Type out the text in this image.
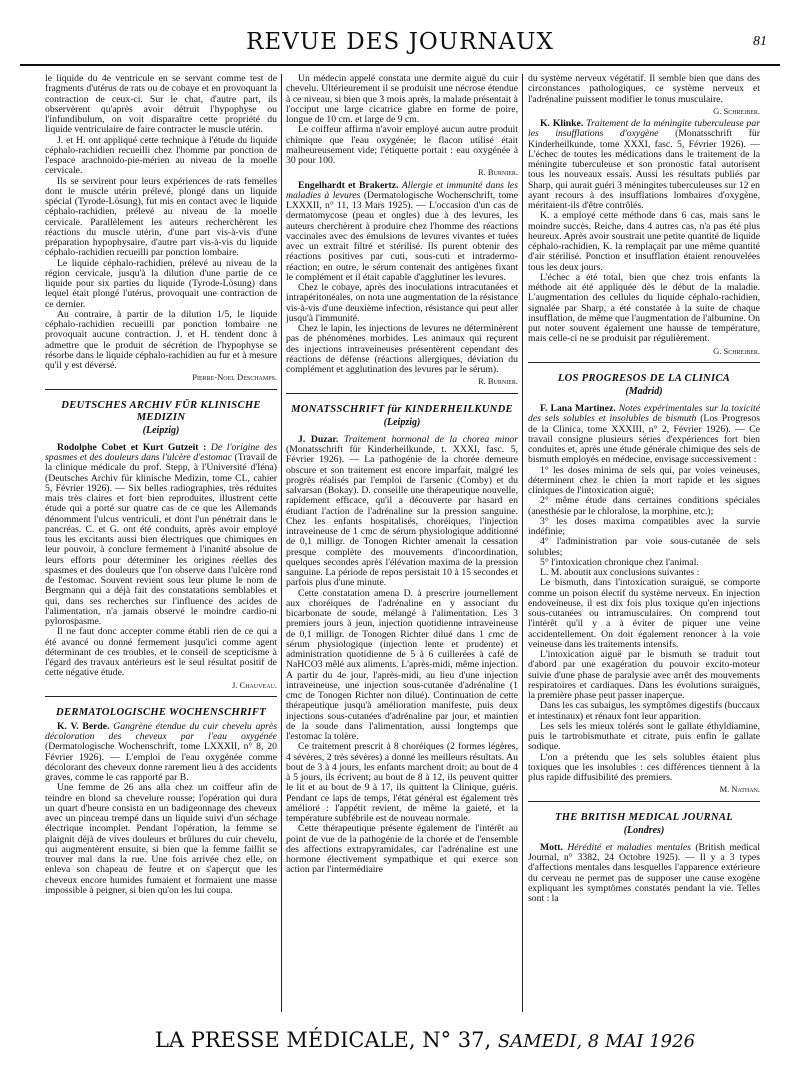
REVUE DES JOURNAUX	81

le liquide du 4e ventricule en se servant comme test de fragments d'utérus de rats ou de cobaye et en provoquant la contraction de ceux-ci. Sur le chat, d'autre part, ils observèrent qu'après avoir détruit l'hypophyse ou l'infundibulum, on voit disparaître cette propriété du liquide ventriculaire de faire contracter le muscle utérin.

J. et H. ont appliqué cette technique à l'étude du liquide céphalo-rachidien recueilli chez l'homme par ponction de l'espace arachnoïdo-pie-mérien au niveau de la moelle cervicale.

Ils se servirent pour leurs expériences de rats femelles dont le muscle utérin prélevé, plongé dans un liquide spécial (Tyrode-Lösung), fut mis en contact avec le liquide céphalo-rachidien, prélevé au niveau de la moelle cervicale. Parallèlement les auteurs recherchèrent les réactions du muscle utérin, d'une part vis-à-vis d'une préparation hypophysaire, d'autre part vis-à-vis du liquide céphalo-rachidien recueilli par ponction lombaire.

Le liquide céphalo-rachidien, prélevé au niveau de la région cervicale, jusqu'à la dilution d'une partie de ce liquide pour six parties du liquide (Tyrode-Lösung) dans lequel était plongé l'utérus, provoquait une contraction de ce dernier.

Au contraire, à partir de la dilution 1/5, le liquide céphalo-rachidien recueilli par ponction lombaire ne provoquait aucune contraction. J. et H. tendent donc à admettre que le produit de sécrétion de l'hypophyse se résorbe dans le liquide céphalo-rachidien au fur et à mesure qu'il y est déversé.

Pierre-Noel Deschamps.
DEUTSCHES ARCHIV FÜR KLINISCHE MEDIZIN
(Leipzig)

Rodolphe Cobet et Kurt Gutzeit : De l'origine des spasmes et des douleurs dans l'ulcère d'estomac (Travail de la clinique médicale du prof. Stepp, à l'Université d'Iéna) (Deutsches Archiv für klinische Medizin, tome CL, cahier 5, Février 1926). — Six belles radiographies, très réduites mais très claires et fort bien reproduites, illustrent cette étude qui a porté sur quatre cas de ce que les Allemands dénomment l'ulcus ventriculi, et dont l'un pénétrait dans le pancréas. C. et G. ont été conduits, après avoir employé tous les excitants aussi bien électriques que chimiques en leur pouvoir, à conclure fermement à l'inanité absolue de leurs efforts pour déterminer les origines réelles des spasmes et des douleurs que l'on observe dans l'ulcère rond de l'estomac. Souvent revient sous leur plume le nom de Bergmann qui a déjà fait des constatations semblables et qui, dans ses recherches sur l'influence des acides de l'alimentation, n'a jamais observé le moindre cardio-ni pylorospasme.

Il ne faut donc accepter comme établi rien de ce qui a été avancé ou donné fermement jusqu'ici comme agent déterminant de ces troubles, et le conseil de scepticisme à l'égard des travaux antérieurs est le seul résultat positif de cette négative étude.

J. Chauveau.
DERMATOLOGISCHE WOCHENSCHRIFT

K. V. Berde. Gangrène étendue du cuir chevelu après décoloration des cheveux par l'eau oxygénée (Dermatologische Wochenschrift, tome LXXXII, n° 8, 20 Février 1926). — L'emploi de l'eau oxygénée comme décolorant des cheveux donne rarement lieu à des accidents graves, comme le cas rapporté par B.

Une femme de 26 ans alla chez un coiffeur afin de teindre en blond sa chevelure rousse; l'opération qui dura un quart d'heure consista en un badigeonnage des cheveux avec un pinceau trempé dans un liquide suivi d'un séchage électrique incomplet. Pendant l'opération, la femme se plaignit déjà de vives douleurs et brûlures du cuir chevelu, qui augmentèrent ensuite, si bien que la femme faillit se trouver mal dans la rue. Une fois arrivée chez elle, on enleva son chapeau de feutre et on s'aperçut que les cheveux encore humides fumaient et formaient une masse impossible à peigner, si bien qu'on les lui coupa.

Un médecin appelé constata une dermite aiguë du cuir chevelu. Ultérieurement il se produisit une nécrose étendue à ce niveau, si bien que 3 mois après, la malade présentait à l'occiput une large cicatrice glabre en forme de poire, longue de 10 cm. et large de 9 cm.

Le coiffeur affirma n'avoir employé aucun autre produit chimique que l'eau oxygénée; le flacon utilisé était malheureusement vide; l'étiquette portait : eau oxygénée à 30 pour 100.

R. Burnier.

Engelhardt et Brakertz. Allergie et immunité dans les maladies à levures (Dermatologische Wochenschrift, tome LXXXII, n° 11, 13 Mars 1925). — L'occasion d'un cas de dermatomycose (peau et ongles) due à des levures, les auteurs cherchèrent à produire chez l'homme des réactions vaccinales avec des émulsions de levures vivantes et tuées avec un extrait filtré et stérilisé. Ils purent obtenir des réactions positives par cuti, sous-cuti et intradermo-réaction; en outre, le sérum contenait des antigènes fixant le complément et il était capable d'agglutiner les levures.

Chez le cobaye, après des inoculations intracutanées et intrapéritonéales, on nota une augmentation de la résistance vis-à-vis d'une deuxième infection, résistance qui peut aller jusqu'à l'immunité.

Chez le lapin, les injections de levures ne déterminèrent pas de phénomènes morbides. Les animaux qui reçurent des injections intraveineuses présentèrent cependant des réactions de défense (réactions allergiques, déviation du complément et agglutination des levures par le sérum).

R. Burnier.
MONATSSCHRIFT für KINDERHEILKUNDE
(Leipzig)

J. Duzar. Traitement hormonal de la chorea minor (Monatsschrift für Kinderheilkunde, t. XXXI, fasc. 5, Février 1926). — La pathogénie de la chorée demeure obscure et son traitement est encore imparfait, malgré les progrès réalisés par l'emploi de l'arsenic (Comby) et du salvarsan (Bokay). D. conseille une thérapeutique nouvelle, rapidement efficace, qu'il a découverte par hasard en étudiant l'action de l'adrénaline sur la pression sanguine. Chez les enfants hospitalisés, choréiques, l'injection intraveineuse de 1 cmc de sérum physiologique additionné de 0,1 milligr. de Tonogen Richter amenait la cessation presque complète des mouvements d'incoordination, quelques secondes après l'élévation maxima de la pression sanguine. La période de repos persistait 10 à 15 secondes et parfois plus d'une minute.

Cette constatation amena D. à prescrire journellement aux choréiques de l'adrénaline en y associant du bicarbonate de soude, mélangé à l'alimentation. Les 3 premiers jours à jeun, injection quotidienne intraveineuse de 0,1 milligr. de Tonogen Richter dilué dans 1 cmc de sérum physiologique (injection lente et prudente) et administration quotidienne de 5 à 6 cuillerées à café de NaHCO3 mêlé aux aliments. L'après-midi, même injection. A partir du 4e jour, l'après-midi, au lieu d'une injection intraveineuse, une injection sous-cutanée d'adrénaline (1 cmc de Tonogen Richter non dilué). Continuation de cette thérapeutique jusqu'à amélioration manifeste, puis deux injections sous-cutanées d'adrénaline par jour, et maintien de la soude dans l'alimentation, aussi longtemps que l'estomac la tolère.

Ce traitement prescrit à 8 choréiques (2 formes légères, 4 sévères, 2 très sévères) a donné les meilleurs résultats. Au bout de 3 à 4 jours, les enfants marchent droit; au bout de 4 à 5 jours, ils écrivent; au bout de 8 à 12, ils peuvent quitter le lit et au bout de 9 à 17, ils quittent la Clinique, guéris. Pendant ce laps de temps, l'état général est également très amélioré : l'appétit revient, de même la gaieté, et la température subfébrile est de nouveau normale.

Cette thérapeutique présente également de l'intérêt au point de vue de la pathogénie de la chorée et de l'ensemble des affections extrapyramidales, car l'adrénaline est une hormone électivement sympathique et qui exerce son action par l'intermédiaire

du système nerveux végétatif. Il semble bien que dans des circonstances pathologiques, ce système nerveux et l'adrénaline puissent modifier le tonus musculaire.

G. Schreiber.

K. Klinke. Traitement de la méningite tuberculeuse par les insufflations d'oxygène (Monatsschrift für Kinderheilkunde, tome XXXI, fasc. 5, Février 1926). — L'échec de toutes les médications dans le traitement de la méningite tuberculeuse et son pronostic fatal autorisent tous les nouveaux essais. Aussi les résultats publiés par Sharp, qui aurait guéri 3 méningites tuberculeuses sur 12 en ayant recours à des insufflations lombaires d'oxygène, méritaient-ils d'être contrôlés.

K. a employé cette méthode dans 6 cas, mais sans le moindre succès. Reiche, dans 4 autres cas, n'a pas été plus heureux. Après avoir soustrait une petite quantité de liquide céphalo-rachidien, K. la remplaçait par une même quantité d'air stérilisé. Ponction et insufflation étaient renouvelées tous les deux jours.

L'échec a été total, bien que chez trois enfants la méthode ait été appliquée dès le début de la maladie. L'augmentation des cellules du liquide céphalo-rachidien, signalée par Sharp, a été constatée à la suite de chaque insufflation, de même que l'augmentation de l'albumine. On put noter souvent également une hausse de température, mais celle-ci ne se produisit par régulièrement.

G. Schreiber.
LOS PROGRESOS DE LA CLINICA
(Madrid)

F. Lana Martinez. Notes expérimentales sur la toxicité des sels solubles et insolubles de bismuth (Los Progresos de la Clinica, tome XXXIII, n° 2, Février 1926). — Ce travail consigne plusieurs séries d'expériences fort bien conduites et, après une étude générale chimique des sels de bismuth employés en médecine, envisage successivement :

1° les doses minima de sels qui, par voies veineuses, déterminent chez le chien la mort rapide et les signes cliniques de l'intoxication aiguë;

2° même étude dans certaines conditions spéciales (anesthésie par le chloralose, la morphine, etc.);

3° les doses maxima compatibles avec la survie indéfinie;

4° l'administration par voie sous-cutanée de sels solubles;

5° l'intoxication chronique chez l'animal.

L. M. aboutit aux conclusions suivantes :

Le bismuth, dans l'intoxication suraiguë, se comporte comme un poison électif du système nerveux. En injection endoveineuse, il est dix fois plus toxique qu'en injections sous-cutanées ou intramusculaires. On comprend tout l'intérêt qu'il y a à éviter de piquer une veine accidentellement. On doit également renoncer à la voie veineuse dans les traitements intensifs.

L'intoxication aiguë par le bismuth se traduit tout d'abord par une exagération du pouvoir excito-moteur suivie d'une phase de paralysie avec arrêt des mouvements respiratoires et cardiaques. Dans les évolutions suraiguës, la première phase peut passer inaperçue.

Dans les cas subaigus, les symptômes digestifs (buccaux et intestinaux) et rénaux font leur apparition.

Les sels les mieux tolérés sont le gallate éthyldiamine, puis le tartrobismuthate et citrate, puis enfin le gallate sodique.

L'on a prétendu que les sels solubles étaient plus toxiques que les insolubles : ces différences tiennent à la plus rapide diffusibilité des premiers.

M. Nathan.
THE BRITISH MEDICAL JOURNAL
(Londres)

Mott. Hérédité et maladies mentales (British medical Journal, n° 3382, 24 Octobre 1925). — Il y a 3 types d'affections mentales dans lesquelles l'apparence extérieure du cerveau ne permet pas de supposer une cause exogène expliquant les symptômes constatés pendant la vie. Telles sont : la

LA PRESSE MÉDICALE, N° 37, SAMEDI, 8 MAI 1926
